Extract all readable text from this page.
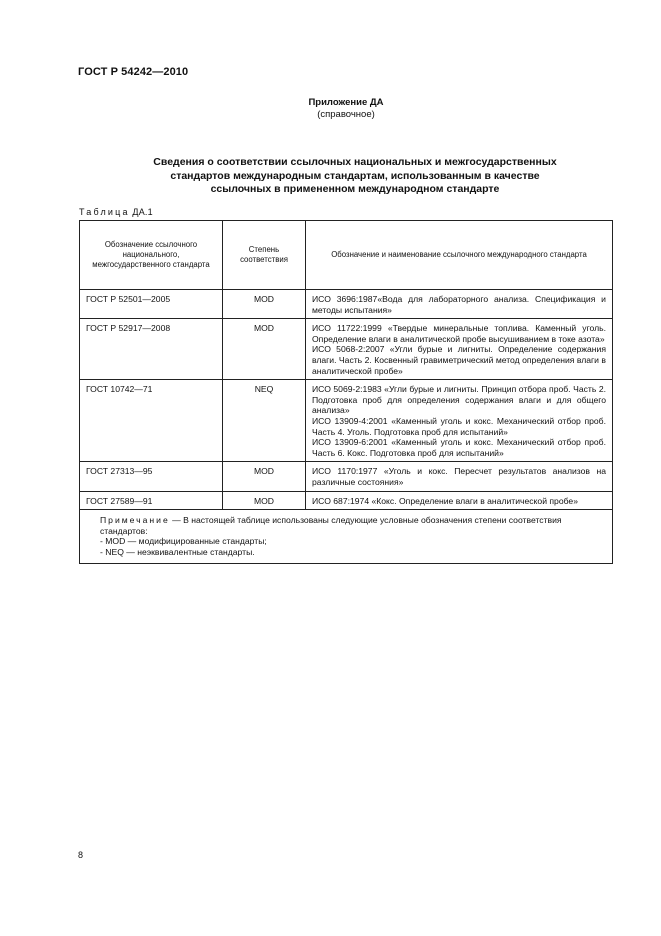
ГОСТ Р 54242—2010
Приложение ДА
(справочное)
Сведения о соответствии ссылочных национальных и межгосударственных
стандартов международным стандартам, использованным в качестве
ссылочных в примененном международном стандарте
Таблица ДА.1
Обозначение ссылочного национального, межгосударственного стандарта	Степень соответствия	Обозначение и наименование ссылочного международного стандарта
ГОСТ Р 52501—2005	MOD	ИСО 3696:1987«Вода для лабораторного анализа. Спецификация и методы испытания»

ГОСТ Р 52917—2008	MOD	ИСО 11722:1999 «Твердые минеральные топлива. Каменный уголь. Определение влаги в аналитической пробе высушиванием в токе азота»
ИСО 5068-2:2007 «Угли бурые и лигниты. Определение содержания влаги. Часть 2. Косвенный гравиметрический метод определения влаги в аналитической пробе»

ГОСТ 10742—71	NEQ	ИСО 5069-2:1983 «Угли бурые и лигниты. Принцип отбора проб. Часть 2. Подготовка проб для определения содержания влаги и для общего анализа»
ИСО 13909-4:2001 «Каменный уголь и кокс. Механический отбор проб. Часть 4. Уголь. Подготовка проб для испытаний»
ИСО 13909-6:2001 «Каменный уголь и кокс. Механический отбор проб. Часть 6. Кокс. Подготовка проб для испытаний»

ГОСТ 27313—95	MOD	ИСО 1170:1977 «Уголь и кокс. Пересчет результатов анализов на различные состояния»

ГОСТ 27589—91	MOD	ИСО 687:1974 «Кокс. Определение влаги в аналитической пробе»

Примечание — В настоящей таблице использованы следующие условные обозначения степени соответствия стандартов:
- MOD — модифицированные стандарты;
- NEQ — неэквивалентные стандарты.		
8
